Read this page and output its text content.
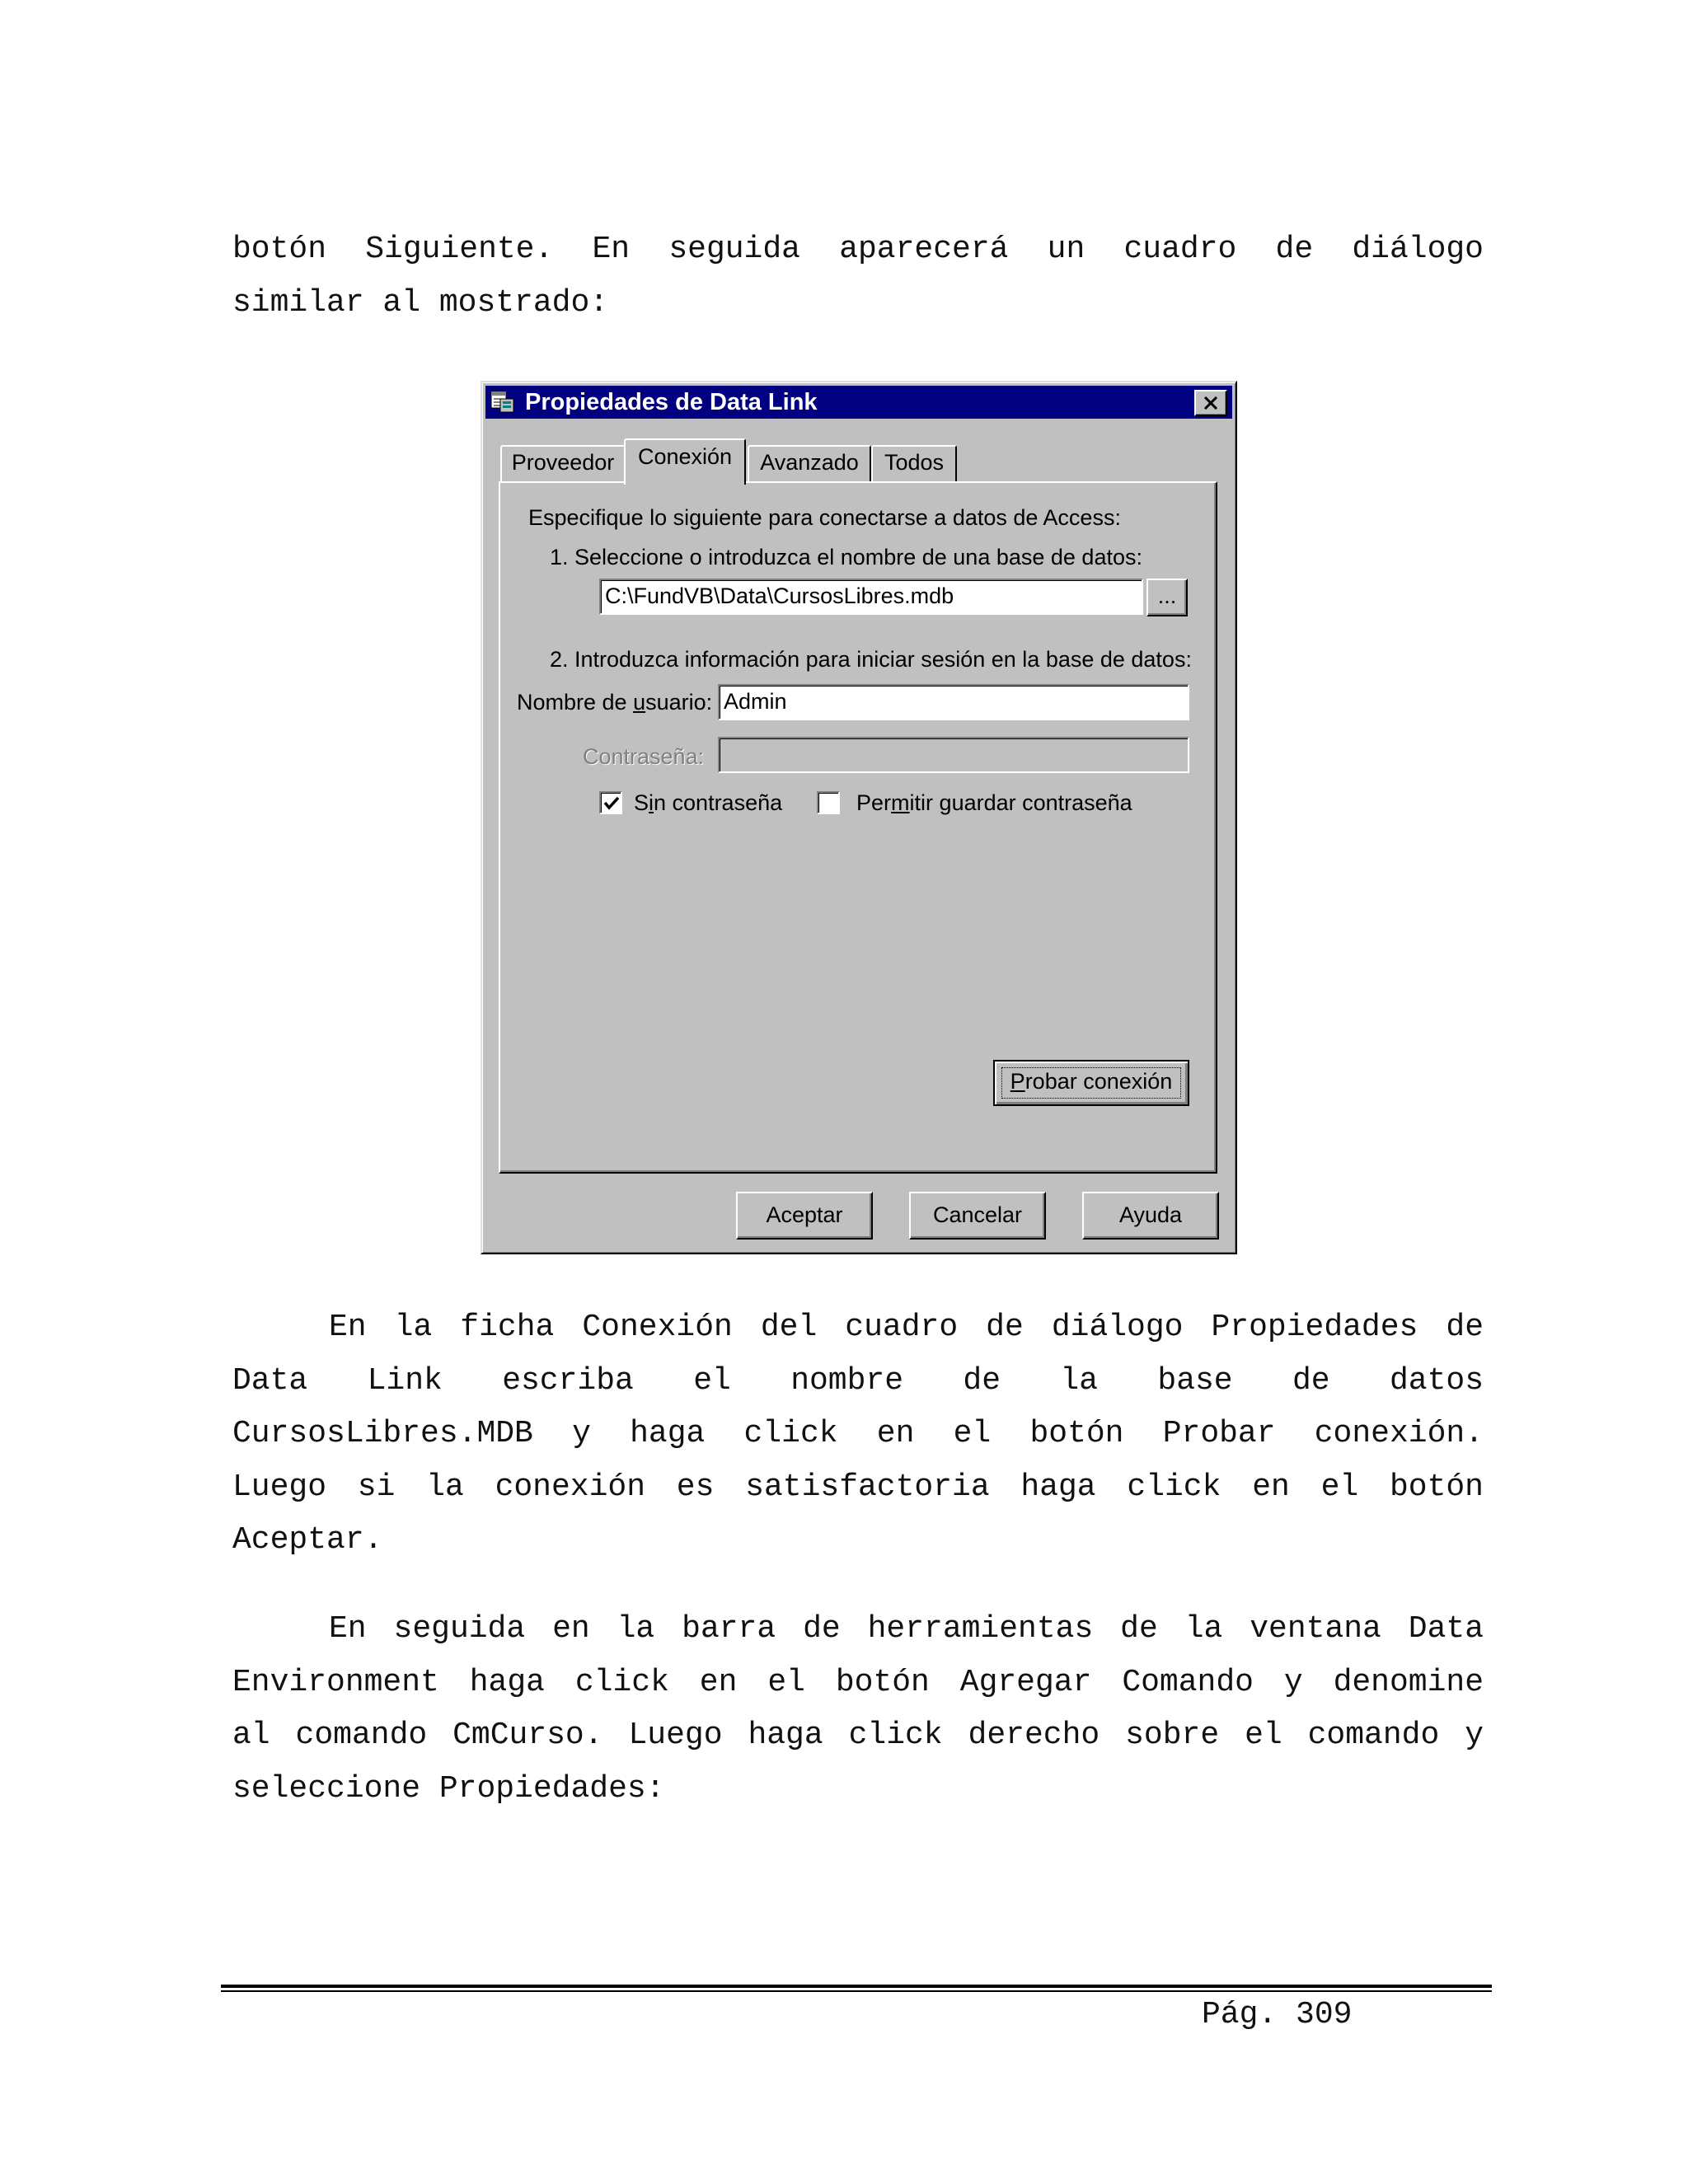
botón Siguiente. En seguida aparecerá un cuadro de diálogo
similar al mostrado:
Propiedades de Data Link
Proveedor	Conexión	Avanzado	Todos
Especifique lo siguiente para conectarse a datos de Access:
1. Seleccione o introduzca el nombre de una base de datos:
C:\FundVB\Data\CursosLibres.mdb	...
2. Introduzca información para iniciar sesión en la base de datos:
Nombre de usuario: Admin
Contraseña:
Sin contraseña	Permitir guardar contraseña
Probar conexión
Aceptar	Cancelar	Ayuda
En la ficha Conexión del cuadro de diálogo Propiedades de
Data Link escriba el nombre de la base de datos
CursosLibres.MDB y haga click en el botón Probar conexión.
Luego si la conexión es satisfactoria haga click en el botón
Aceptar.
En seguida en la barra de herramientas de la ventana Data
Environment haga click en el botón Agregar Comando y denomine
al comando CmCurso. Luego haga click derecho sobre el comando y
seleccione Propiedades:
Pág. 309
